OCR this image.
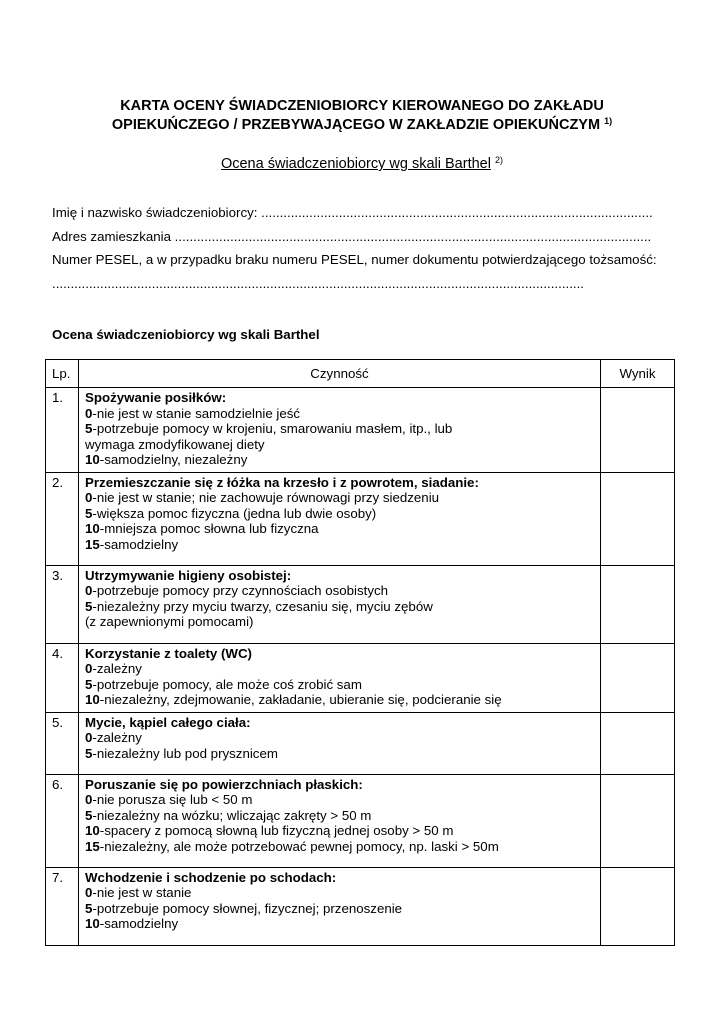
KARTA OCENY ŚWIADCZENIOBIORCY KIEROWANEGO DO ZAKŁADU
OPIEKUŃCZEGO / PRZEBYWAJĄCEGO W ZAKŁADZIE OPIEKUŃCZYM $^{1)}$
Ocena świadczeniobiorcy wg skali Barthel $^{2)}$
Imię i nazwisko świadczeniobiorcy: ..........................................................................................................
Adres zamieszkania .................................................................................................................................
Numer PESEL, a w przypadku braku numeru PESEL, numer dokumentu potwierdzającego tożsamość:
................................................................................................................................................
Ocena świadczeniobiorcy wg skali Barthel
Lp.	Czynność	Wynik
1.	Spożywanie posiłków:
0-nie jest w stanie samodzielnie jeść
5-potrzebuje pomocy w krojeniu, smarowaniu masłem, itp., lub
wymaga zmodyfikowanej diety
10-samodzielny, niezależny	

2.	Przemieszczanie się z łóżka na krzesło i z powrotem, siadanie:
0-nie jest w stanie; nie zachowuje równowagi przy siedzeniu
5-większa pomoc fizyczna (jedna lub dwie osoby)
10-mniejsza pomoc słowna lub fizyczna
15-samodzielny	

3.	Utrzymywanie higieny osobistej:
0-potrzebuje pomocy przy czynnościach osobistych
5-niezależny przy myciu twarzy, czesaniu się, myciu zębów
(z zapewnionymi pomocami)	

4.	Korzystanie z toalety (WC)
0-zależny
5-potrzebuje pomocy, ale może coś zrobić sam
10-niezależny, zdejmowanie, zakładanie, ubieranie się, podcieranie się	

5.	Mycie, kąpiel całego ciała:
0-zależny
5-niezależny lub pod prysznicem	

6.	Poruszanie się po powierzchniach płaskich:
0-nie porusza się lub < 50 m
5-niezależny na wózku; wliczając zakręty > 50 m
10-spacery z pomocą słowną lub fizyczną jednej osoby > 50 m
15-niezależny, ale może potrzebować pewnej pomocy, np. laski > 50m	

7.	Wchodzenie i schodzenie po schodach:
0-nie jest w stanie
5-potrzebuje pomocy słownej, fizycznej; przenoszenie
10-samodzielny	
